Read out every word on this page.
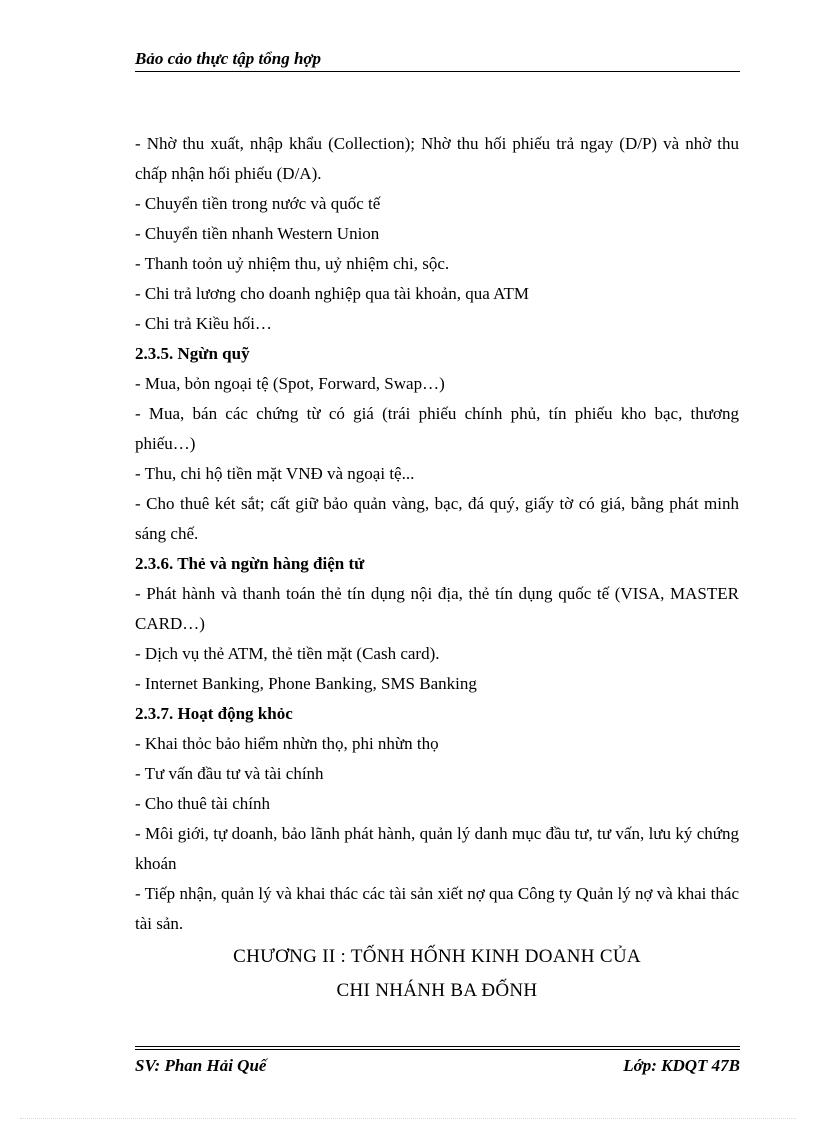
Bảo cảo thực tập tổng hợp

- Nhờ thu xuất, nhập khẩu (Collection); Nhờ thu hối phiếu trả ngay (D/P) và nhờ thu chấp nhận hối phiếu (D/A).

- Chuyển tiền trong nước và quốc tế

- Chuyển tiền nhanh Western Union

- Thanh toỏn uỷ nhiệm thu, uỷ nhiệm chi, sộc.

- Chi trả lương cho doanh nghiệp qua tài khoản, qua ATM

- Chi trả Kiều hối…

2.3.5. Ngừn quỹ

- Mua, bỏn ngoại tệ (Spot, Forward, Swap…)

- Mua, bán các chứng từ có giá (trái phiếu chính phủ, tín phiếu kho bạc, thương phiếu…)

- Thu, chi hộ tiền mặt VNĐ và ngoại tệ...

- Cho thuê két sắt; cất giữ bảo quản vàng, bạc, đá quý, giấy tờ có giá, bằng phát minh sáng chế.

2.3.6. Thẻ và ngừn hàng điện tử

- Phát hành và thanh toán thẻ tín dụng nội địa, thẻ tín dụng quốc tế (VISA, MASTER CARD…)

- Dịch vụ thẻ ATM, thẻ tiền mặt (Cash card).

- Internet Banking, Phone Banking, SMS Banking

2.3.7. Hoạt động khỏc

- Khai thỏc bảo hiểm nhừn thọ, phi nhừn thọ

- Tư vấn đầu tư và tài chính

- Cho thuê tài chính

- Môi giới, tự doanh, bảo lãnh phát hành, quản lý danh mục đầu tư, tư vấn, lưu ký chứng khoán

- Tiếp nhận, quản lý và khai thác các tài sản xiết nợ qua Công ty Quản lý nợ và khai thác tài sản.

CHƯƠNG II : TỐNH HỐNH KINH DOANH CỦA
CHI NHÁNH BA ĐỐNH
SV: Phan Hải Quế	Lớp: KDQT 47B
